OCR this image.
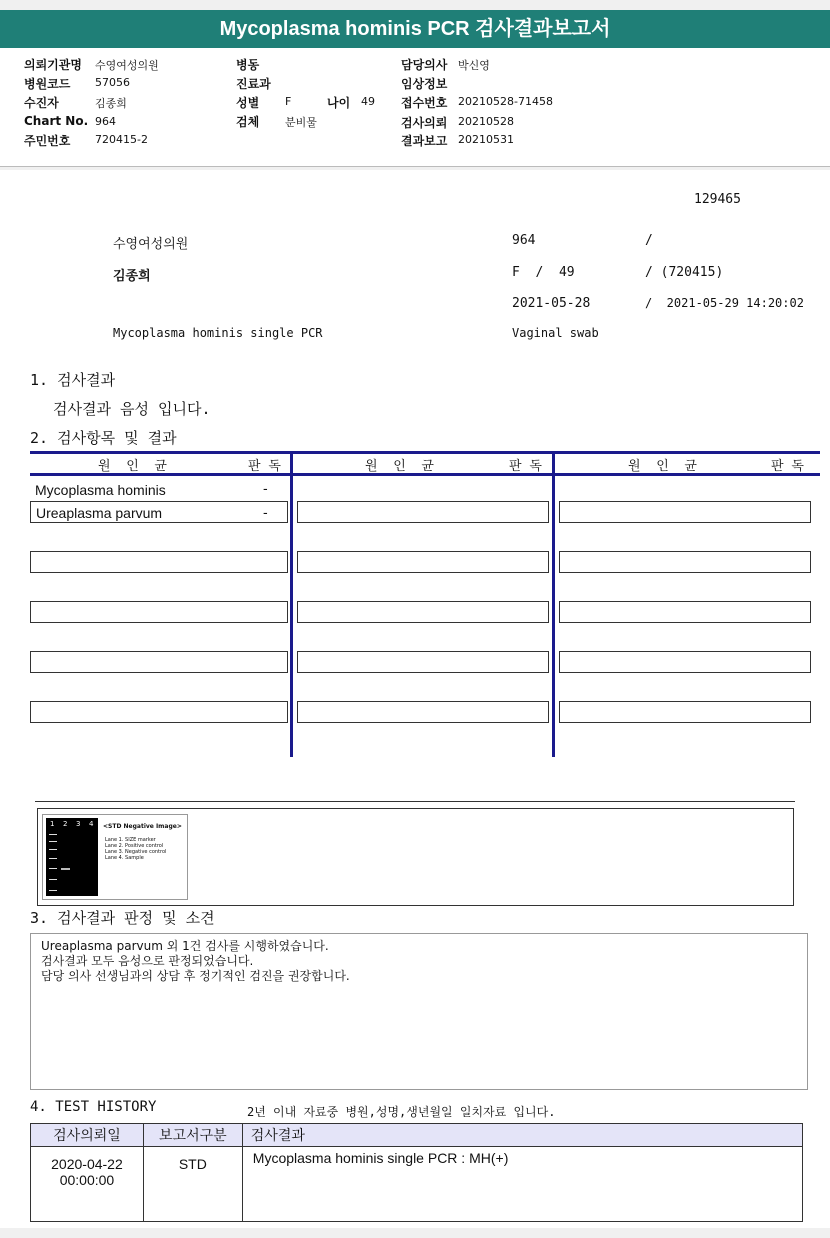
Mycoplasma hominis PCR 검사결과보고서
의뢰기관명 수영여성의원
병원코드 57056
수진자	김종희
Chart No. 964
주민번호 720415-2
병동
진료과
성별 F
검체 분비물
나이 49
담당의사 박신영
임상정보
접수번호 20210528-71458
검사의뢰 20210528
결과보고 20210531
129465
수영여성의원	964	/
김종희	F  /  49	/ (720415)
2021-05-28	/  2021-05-29 14:20:02
Mycoplasma hominis single PCR	Vaginal swab
1. 검사결과
검사결과 음성 입니다.
2. 검사항목 및 결과
원  인  균	판 독	원  인  균	판 독	원  인  균	판 독
Mycoplasma hominis	-
Ureaplasma parvum	-
1 2 3 4 <STD Negative Image>
Lane 1. SIZE marker
Lane 2. Positive control
Lane 3. Negative control
Lane 4. Sample
3. 검사결과 판정 및 소견
Ureaplasma parvum 외 1건 검사를 시행하였습니다.
검사결과 모두 음성으로 판정되었습니다.
담당 의사 선생님과의 상담 후 정기적인 검진을 권장합니다.
4. TEST HISTORY	2년 이내 자료중 병원,성명,생년월일 일치자료 입니다.
검사의뢰일	보고서구분	검사결과

2020-04-22
00:00:00	STD	Mycoplasma hominis single PCR : MH(+)
